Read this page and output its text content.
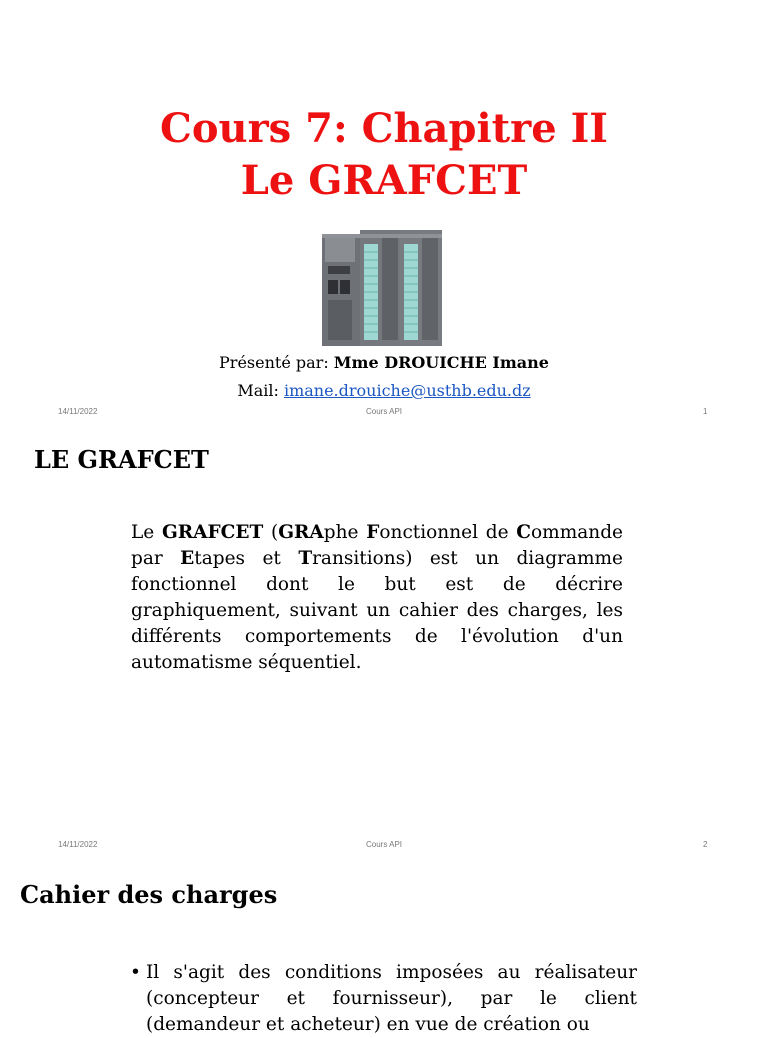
Cours 7: Chapitre II
Le GRAFCET
Présenté par: Mme DROUICHE Imane
Mail: imane.drouiche@usthb.edu.dz
14/11/2022	Cours API	1
LE GRAFCET
Le GRAFCET (GRAphe Fonctionnel de Commande par Etapes et Transitions) est un diagramme fonctionnel dont le but est de décrire graphiquement, suivant un cahier des charges, les différents comportements de l'évolution d'un automatisme séquentiel.
14/11/2022	Cours API	2
Cahier des charges
• Il s'agit des conditions imposées au réalisateur (concepteur et fournisseur), par le client (demandeur et acheteur) en vue de création ou
